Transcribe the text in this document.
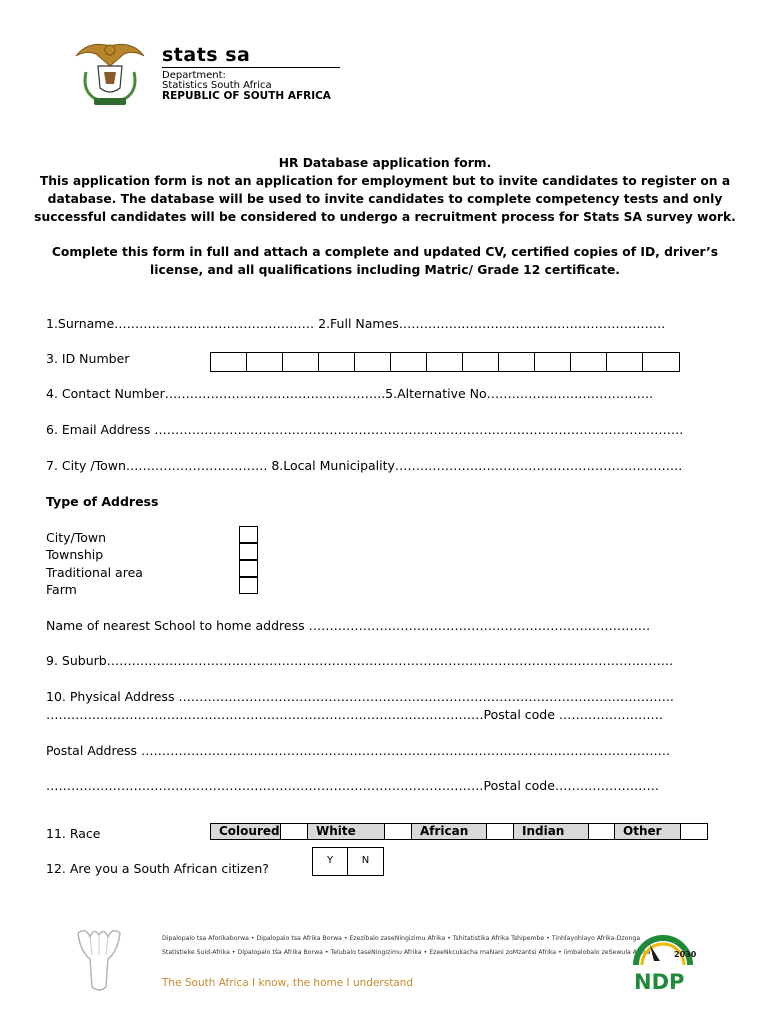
stats sa
Department:
Statistics South Africa
REPUBLIC OF SOUTH AFRICA
HR Database application form.
This application form is not an application for employment but to invite candidates to register on a
database. The database will be used to invite candidates to complete competency tests and only
successful candidates will be considered to undergo a recruitment process for Stats SA survey work.
Complete this form in full and attach a complete and updated CV, certified copies of ID, driver’s
license, and all qualifications including Matric/ Grade 12 certificate.
1.Surname………………………………………… 2.Full Names……………………………………………………….
3. ID Number
4. Contact Number……………………………………………..5.Alternative No………………………………….
6. Email Address ……………………………………………………………………………………………………………….
7. City /Town……………………………. 8.Local Municipality……………………………………………………………
Type of Address
City/Town
Township
Traditional area
Farm
Name of nearest School to home address ……………………………………………………………………….
9. Suburb……………………………………………………………………………………………………………………….
10. Physical Address ………………………………………………………………………………………………………..
……………………………………………………………………………………………Postal code …………………….
Postal Address ……………………………………………………………………………………………………………….
……………………………………………………………………………………………Postal code…………………….
11. Race	Coloured	White	African	Indian	Other
12. Are you a South African citizen?
Y	N
Dipalopalo tsa Aforikaborwa • Dipalopalo tsa Afrika Borwa • Ezezibalo zaseNingizimu Afrika • Tshitatistika Afrika Tshipembe • Tinhlayohlayo Afrika-Dzonga
Statistieke Suid-Afrika • Dipalopalo tša Afrika Borwa • Telubalo taseNingizimu Afrika • EzeeNkcukacha maNani zoMzantsi Afrika • iimbalobalo zeSewula Afrika
The South Africa I know, the home I understand
2030
NDP
